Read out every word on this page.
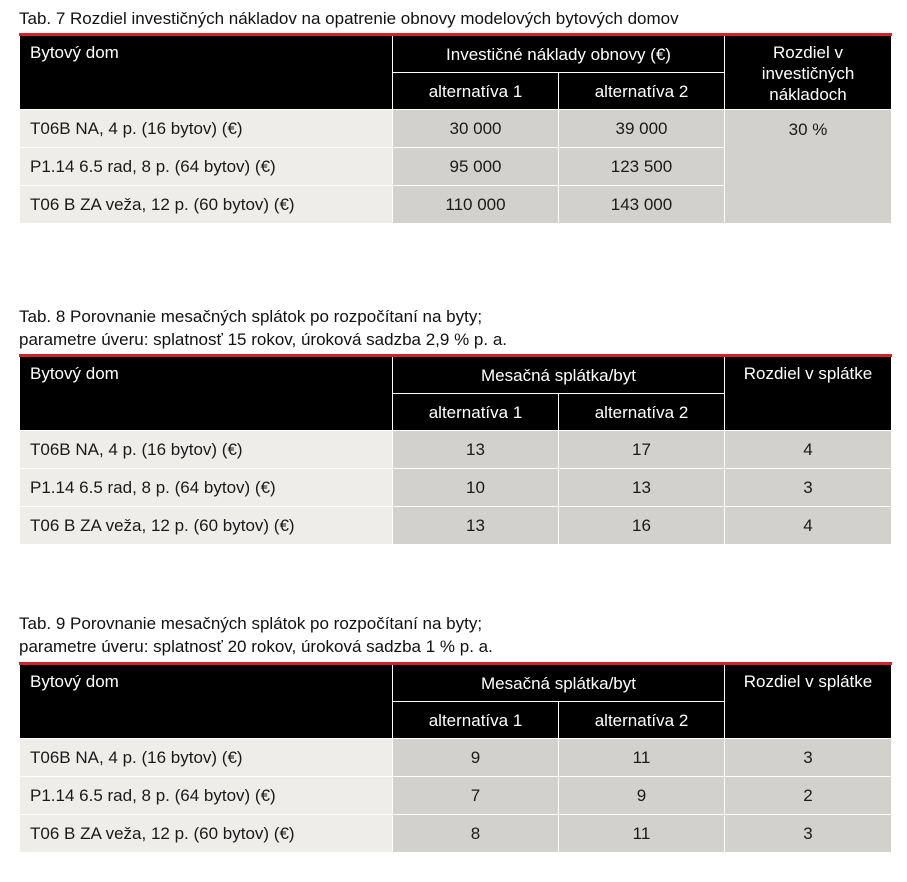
Tab. 7 Rozdiel investičných nákladov na opatrenie obnovy modelových bytových domov
Bytový dom	Investičné náklady obnovy (€)		Rozdiel v investičných nákladoch
	alternatíva 1	alternatíva 2	
T06B NA, 4 p. (16 bytov) (€)	30 000	39 000	30 %
P1.14 6.5 rad, 8 p. (64 bytov) (€)	95 000	123 500	
T06 B ZA veža, 12 p. (60 bytov) (€)	110 000	143 000	
Tab. 8 Porovnanie mesačných splátok po rozpočítaní na byty;
parametre úveru: splatnosť 15 rokov, úroková sadzba 2,9 % p. a.
Bytový dom	Mesačná splátka/byt		Rozdiel v splátke
	alternatíva 1	alternatíva 2	
T06B NA, 4 p. (16 bytov) (€)	13	17	4
P1.14 6.5 rad, 8 p. (64 bytov) (€)	10	13	3
T06 B ZA veža, 12 p. (60 bytov) (€)	13	16	4
Tab. 9 Porovnanie mesačných splátok po rozpočítaní na byty;
parametre úveru: splatnosť 20 rokov, úroková sadzba 1 % p. a.
Bytový dom	Mesačná splátka/byt		Rozdiel v splátke
	alternatíva 1	alternatíva 2	
T06B NA, 4 p. (16 bytov) (€)	9	11	3
P1.14 6.5 rad, 8 p. (64 bytov) (€)	7	9	2
T06 B ZA veža, 12 p. (60 bytov) (€)	8	11	3
